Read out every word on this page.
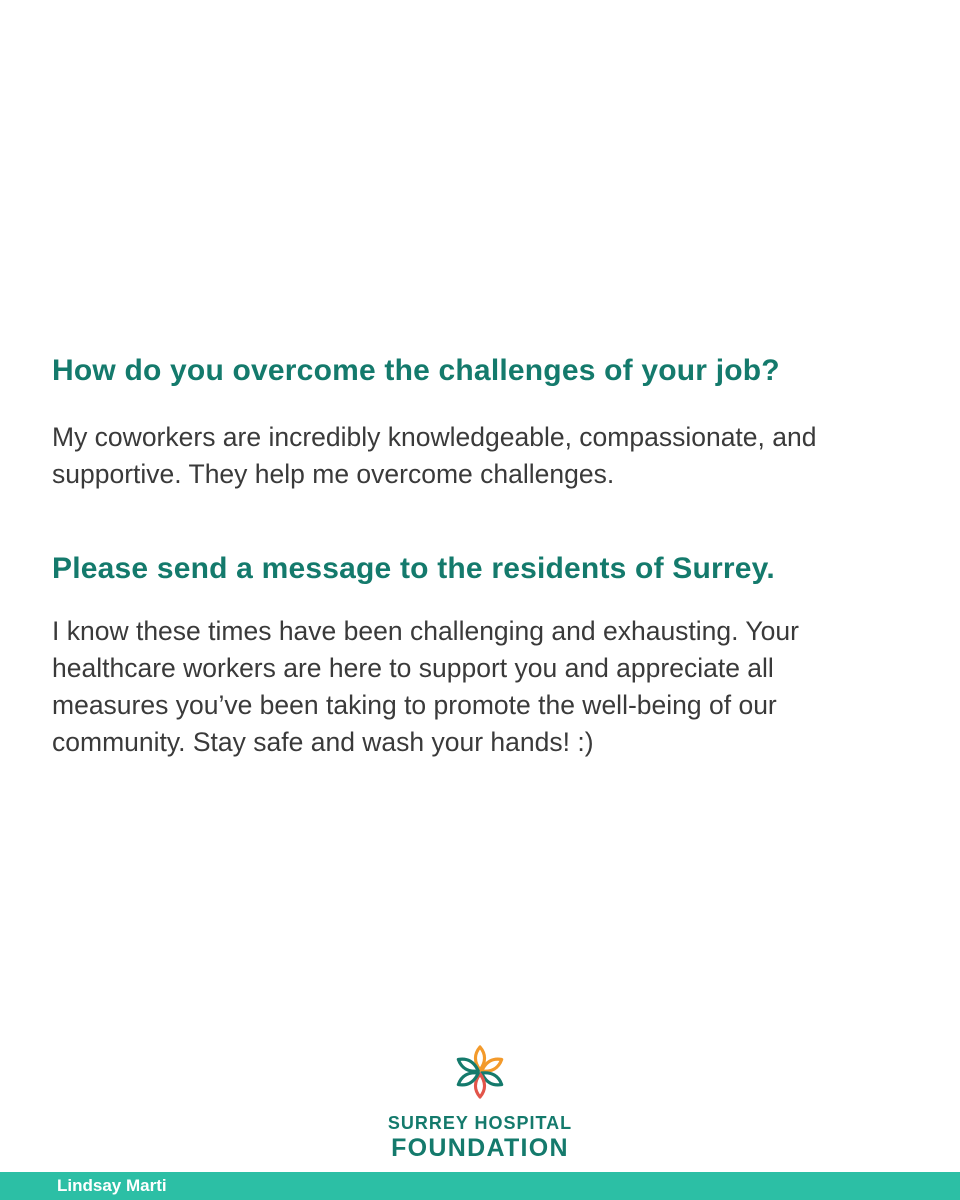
How do you overcome the challenges of your job?

My coworkers are incredibly knowledgeable, compassionate, and
supportive. They help me overcome challenges.

Please send a message to the residents of Surrey.

I know these times have been challenging and exhausting. Your
healthcare workers are here to support you and appreciate all
measures you’ve been taking to promote the well-being of our
community. Stay safe and wash your hands! :)

SURREY HOSPITAL
FOUNDATION
Lindsay Marti
